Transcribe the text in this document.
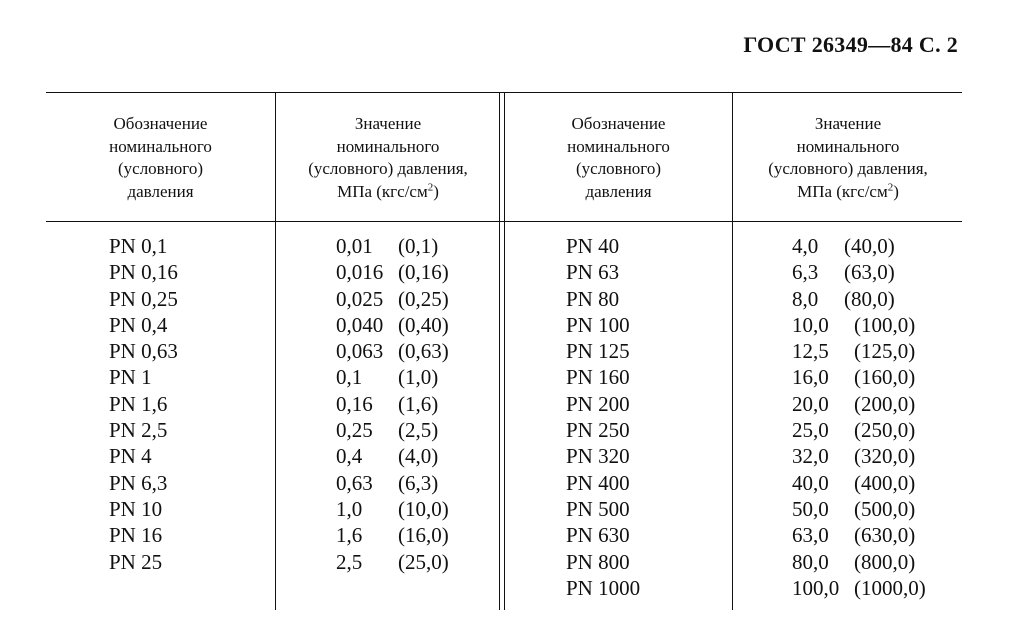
ГОСТ 26349—84 С. 2
Обозначение
номинального
(условного)
давления
Значение
номинального
(условного) давления,
МПа $(кгс/см^2)$
Обозначение
номинального
(условного)
давления
Значение
номинального
(условного) давления,
МПа $(кгс/см^2)$
PN 0,1
PN 0,16
PN 0,25
PN 0,4
PN 0,63
PN 1
PN 1,6
PN 2,5
PN 4
PN 6,3
PN 10
PN 16
PN 25
0,01 (0,1)
0,016 (0,16)
0,025 (0,25)
0,040 (0,40)
0,063 (0,63)
0,1 (1,0)
0,16 (1,6)
0,25 (2,5)
0,4 (4,0)
0,63 (6,3)
1,0 (10,0)
1,6 (16,0)
2,5 (25,0)
PN 40
PN 63
PN 80
PN 100
PN 125
PN 160
PN 200
PN 250
PN 320
PN 400
PN 500
PN 630
PN 800
PN 1000
4,0 (40,0)
6,3 (63,0)
8,0 (80,0)
10,0 (100,0)
12,5 (125,0)
16,0 (160,0)
20,0 (200,0)
25,0 (250,0)
32,0 (320,0)
40,0 (400,0)
50,0 (500,0)
63,0 (630,0)
80,0 (800,0)
100,0 (1000,0)
